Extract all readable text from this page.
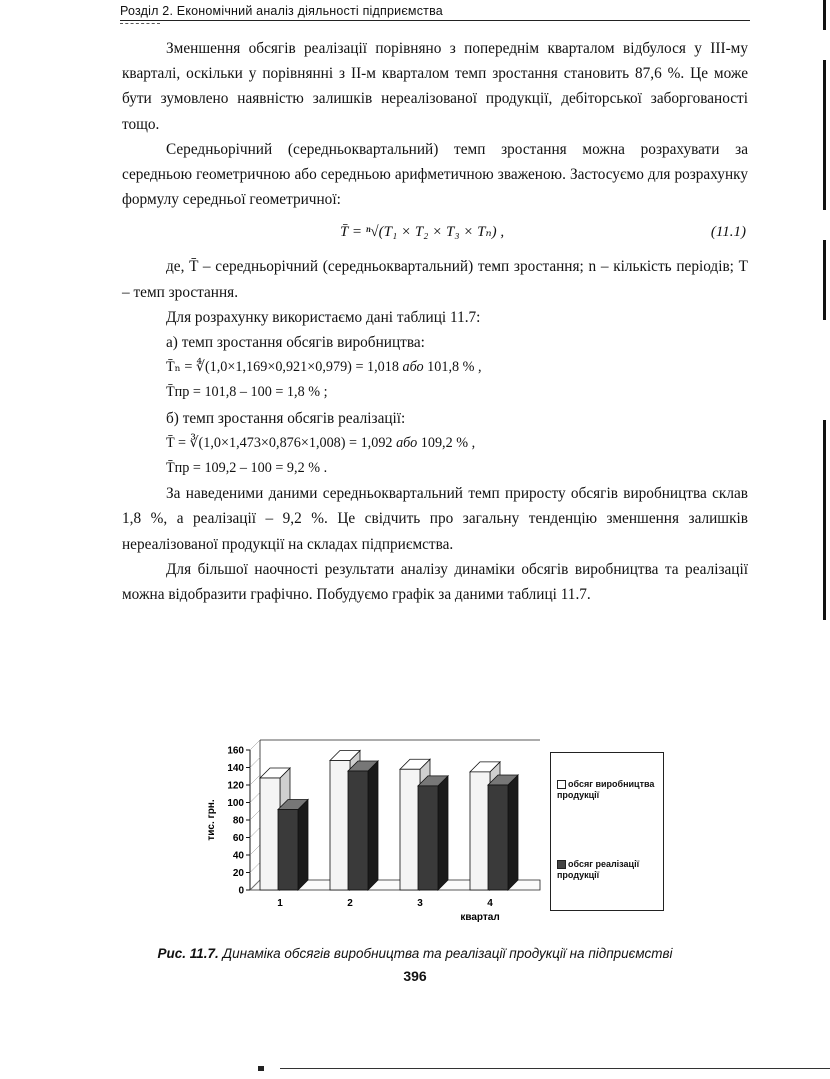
Розділ 2. Економічний аналіз діяльності підприємства

Зменшення обсягів реалізації порівняно з попереднім кварталом відбулося у ІІІ-му кварталі, оскільки у порівнянні з ІІ-м кварталом темп зростання становить 87,6 %. Це може бути зумовлено наявністю залишків нереалізованої продукції, дебіторської заборгованості тощо.

Середньорічний (середньоквартальний) темп зростання можна розрахувати за середньою геометричною або середньою арифметичною зваженою. Застосуємо для розрахунку формулу середньої геометричної:

T̄ = ⁿ√(T₁ × T₂ × T₃ × Tₙ) ,	(11.1)

де, T̄ – середньорічний (середньоквартальний) темп зростання; n – кількість періодів; T – темп зростання.

Для розрахунку використаємо дані таблиці 11.7:

а) темп зростання обсягів виробництва:

T̄ₙ = ∜(1,0×1,169×0,921×0,979) = 1,018 або 101,8 % ,
T̄пр = 101,8 – 100 = 1,8 % ;

б) темп зростання обсягів реалізації:

T̄ = ∛(1,0×1,473×0,876×1,008) = 1,092 або 109,2 % ,
T̄пр = 109,2 – 100 = 9,2 % .

За наведеними даними середньоквартальний темп приросту обсягів виробництва склав 1,8 %, а реалізації – 9,2 %. Це свідчить про загальну тенденцію зменшення залишків нереалізованої продукції на складах підприємства.

Для більшої наочності результати аналізу динаміки обсягів виробництва та реалізації можна відобразити графічно. Побудуємо графік за даними таблиці 11.7.

0
20
40
60
80
100
120
140
160
тис. грн.
1	2	3	4
квартал
обсяг виробництва продукції
обсяг реалізації продукції
Рис. 11.7. Динаміка обсягів виробництва та реалізації продукції на підприємстві
396
